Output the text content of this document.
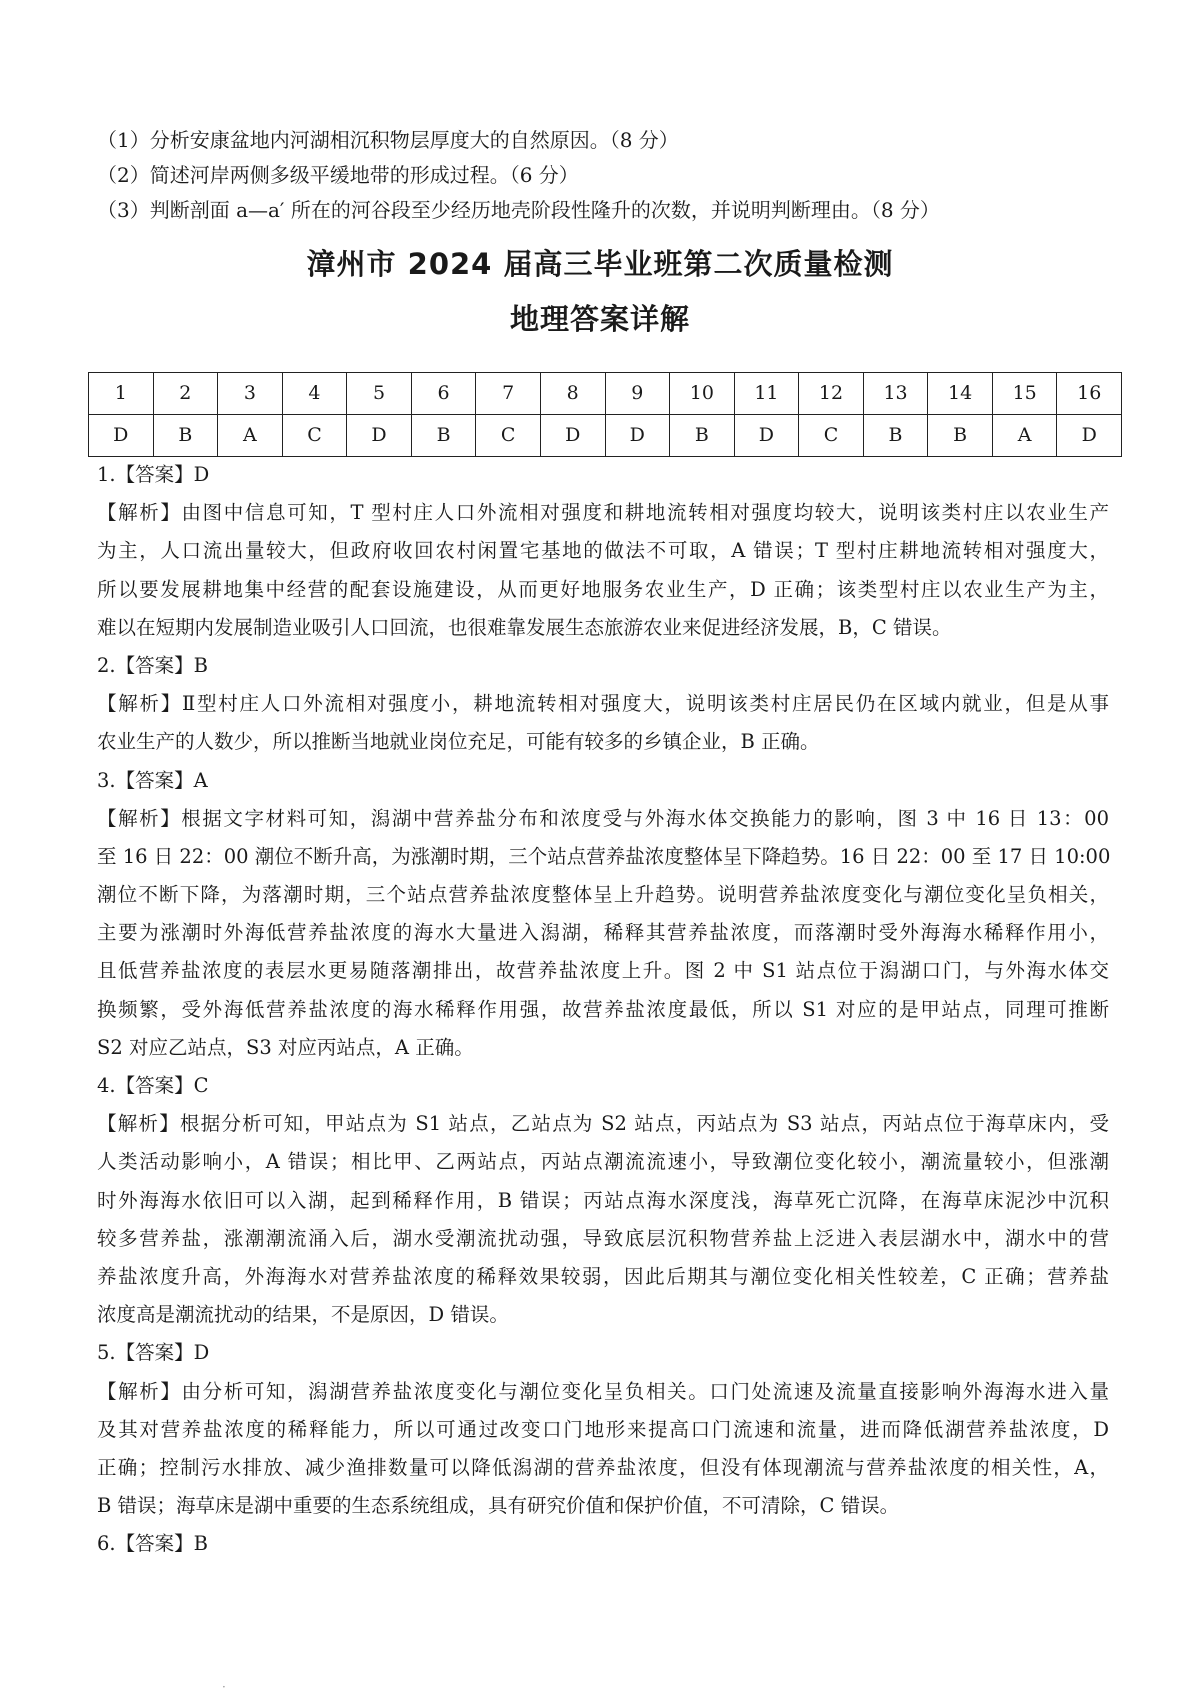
（1）分析安康盆地内河湖相沉积物层厚度大的自然原因。（8 分）
（2）简述河岸两侧多级平缓地带的形成过程。（6 分）
（3）判断剖面 a—a′ 所在的河谷段至少经历地壳阶段性隆升的次数，并说明判断理由。（8 分）
漳州市 2024 届高三毕业班第二次质量检测
地理答案详解
1	2	3	4	5	6	7	8	9	10	11	12	13	14	15	16
D	B	A	C	D	B	C	D	D	B	D	C	B	B	A	D
1.【答案】D
【解析】由图中信息可知，T 型村庄人口外流相对强度和耕地流转相对强度均较大，说明该类村庄以农业生产
为主，人口流出量较大，但政府收回农村闲置宅基地的做法不可取，A 错误；T 型村庄耕地流转相对强度大，
所以要发展耕地集中经营的配套设施建设，从而更好地服务农业生产，D 正确；该类型村庄以农业生产为主，
难以在短期内发展制造业吸引人口回流，也很难靠发展生态旅游农业来促进经济发展，B，C 错误。
2.【答案】B
【解析】Ⅱ型村庄人口外流相对强度小，耕地流转相对强度大，说明该类村庄居民仍在区域内就业，但是从事
农业生产的人数少，所以推断当地就业岗位充足，可能有较多的乡镇企业，B 正确。
3.【答案】A
【解析】根据文字材料可知，潟湖中营养盐分布和浓度受与外海水体交换能力的影响，图 3 中 16 日 13：00
至 16 日 22：00 潮位不断升高，为涨潮时期，三个站点营养盐浓度整体呈下降趋势。16 日 22：00 至 17 日 10:00
潮位不断下降，为落潮时期，三个站点营养盐浓度整体呈上升趋势。说明营养盐浓度变化与潮位变化呈负相关，
主要为涨潮时外海低营养盐浓度的海水大量进入潟湖，稀释其营养盐浓度，而落潮时受外海海水稀释作用小，
且低营养盐浓度的表层水更易随落潮排出，故营养盐浓度上升。图 2 中 S1 站点位于潟湖口门，与外海水体交
换频繁，受外海低营养盐浓度的海水稀释作用强，故营养盐浓度最低，所以 S1 对应的是甲站点，同理可推断
S2 对应乙站点，S3 对应丙站点，A 正确。
4.【答案】C
【解析】根据分析可知，甲站点为 S1 站点，乙站点为 S2 站点，丙站点为 S3 站点，丙站点位于海草床内，受
人类活动影响小，A 错误；相比甲、乙两站点，丙站点潮流流速小，导致潮位变化较小，潮流量较小，但涨潮
时外海海水依旧可以入湖，起到稀释作用，B 错误；丙站点海水深度浅，海草死亡沉降，在海草床泥沙中沉积
较多营养盐，涨潮潮流涌入后，湖水受潮流扰动强，导致底层沉积物营养盐上泛进入表层湖水中，湖水中的营
养盐浓度升高，外海海水对营养盐浓度的稀释效果较弱，因此后期其与潮位变化相关性较差，C 正确；营养盐
浓度高是潮流扰动的结果，不是原因，D 错误。
5.【答案】D
【解析】由分析可知，潟湖营养盐浓度变化与潮位变化呈负相关。口门处流速及流量直接影响外海海水进入量
及其对营养盐浓度的稀释能力，所以可通过改变口门地形来提高口门流速和流量，进而降低湖营养盐浓度，D
正确；控制污水排放、减少渔排数量可以降低潟湖的营养盐浓度，但没有体现潮流与营养盐浓度的相关性，A，
B 错误；海草床是湖中重要的生态系统组成，具有研究价值和保护价值，不可清除，C 错误。
6.【答案】B
·
